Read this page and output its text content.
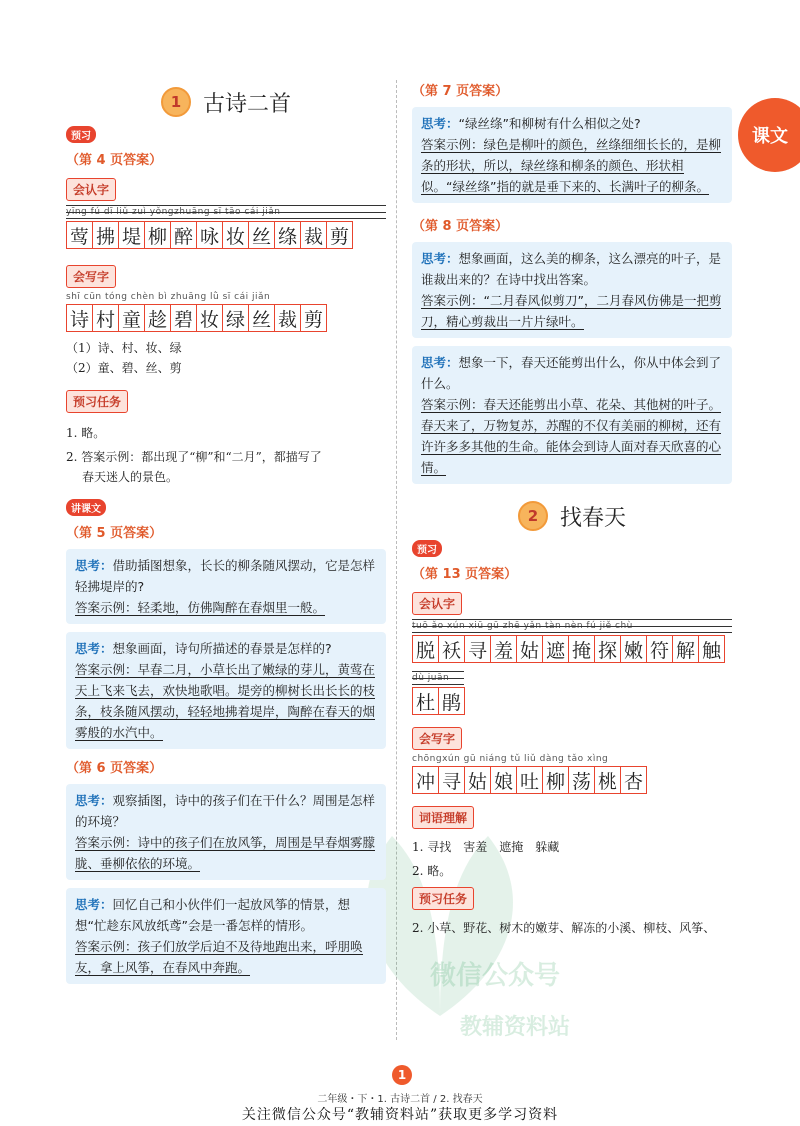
课文
微信公众号
教辅资料站
1 古诗二首
预习
（第 4 页答案）
会认字
yīng fú dī liǔ zuì yǒngzhuāng sī tāo cái jiǎn
莺 拂 堤 柳 醉 咏 妆 丝 绦 裁 剪
会写字
shī cūn tóng chèn bì zhuāng lǜ sī cái jiǎn
诗 村 童 趁 碧 妆 绿 丝 裁 剪
（1）诗、村、妆、绿
（2）童、碧、丝、剪
预习任务
1. 略。
2. 答案示例：都出现了“柳”和“二月”，都描写了
春天迷人的景色。
讲课文
（第 5 页答案）
思考：借助插图想象，长长的柳条随风摆动，它是怎样轻拂堤岸的?
答案示例：轻柔地，仿佛陶醉在春烟里一般。
思考：想象画面，诗句所描述的春景是怎样的?
答案示例：早春二月，小草长出了嫩绿的芽儿，黄莺在天上飞来飞去，欢快地歌唱。堤旁的柳树长出长长的枝条，枝条随风摆动，轻轻地拂着堤岸，陶醉在春天的烟雾般的水汽中。
（第 6 页答案）
思考：观察插图，诗中的孩子们在干什么？周围是怎样的环境？
答案示例：诗中的孩子们在放风筝，周围是早春烟雾朦胧、垂柳依依的环境。
思考：回忆自己和小伙伴们一起放风筝的情景，想想“忙趁东风放纸鸢”会是一番怎样的情形。
答案示例：孩子们放学后迫不及待地跑出来，呼朋唤友，拿上风筝，在春风中奔跑。
（第 7 页答案）
思考：“绿丝绦”和柳树有什么相似之处?
答案示例：绿色是柳叶的颜色，丝绦细细长长的，是柳条的形状，所以，绿丝绦和柳条的颜色、形状相似。“绿丝绦”指的就是垂下来的、长满叶子的柳条。
（第 8 页答案）
思考：想象画面，这么美的柳条，这么漂亮的叶子，是谁裁出来的？在诗中找出答案。
答案示例：“二月春风似剪刀”，二月春风仿佛是一把剪刀，精心剪裁出一片片绿叶。
思考：想象一下，春天还能剪出什么，你从中体会到了什么。
答案示例：春天还能剪出小草、花朵、其他树的叶子。春天来了，万物复苏，苏醒的不仅有美丽的柳树，还有许许多多其他的生命。能体会到诗人面对春天欣喜的心情。
2 找春天
预习
（第 13 页答案）
会认字
tuō ǎo xún xiū gū zhē yǎn tàn nèn fú jiě chù
脱 袄 寻 羞 姑 遮 掩 探 嫩 符 解 触
dù juān
杜 鹃
会写字
chōngxún gū niáng tǔ liǔ dàng tǎo xìng
冲 寻 姑 娘 吐 柳 荡 桃 杏
词语理解
1. 寻找　害羞　遮掩　躲藏
2. 略。
预习任务
2. 小草、野花、树木的嫩芽、解冻的小溪、柳枝、风筝、
1
二年级・下・1. 古诗二首 / 2. 找春天
关注微信公众号“教辅资料站”获取更多学习资料
